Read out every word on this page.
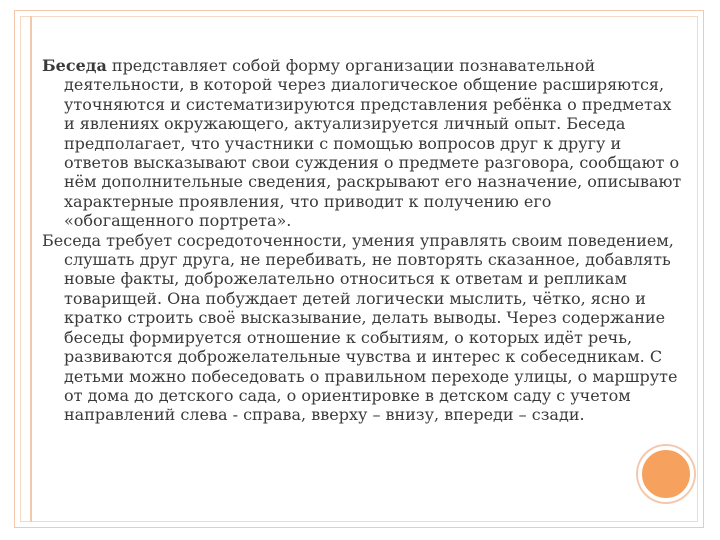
Беседа представляет собой форму организации познавательной деятельности, в которой через диалогическое общение расширяются, уточняются и систематизируются представления ребёнка о предметах и явлениях окружающего, актуализируется личный опыт. Беседа предполагает, что участники с помощью вопросов друг к другу и ответов высказывают свои суждения о предмете разговора, сообщают о нём дополнительные сведения, раскрывают его назначение, описывают характерные проявления, что приводит к получению его «обогащенного портрета».

Беседа требует сосредоточенности, умения управлять своим поведением, слушать друг друга, не перебивать, не повторять сказанное, добавлять новые факты, доброжелательно относиться к ответам и репликам товарищей. Она побуждает детей логически мыслить, чётко, ясно и кратко строить своё высказывание, делать выводы. Через содержание беседы формируется отношение к событиям, о которых идёт речь, развиваются доброжелательные чувства и интерес к собеседникам. С детьми можно побеседовать о правильном переходе улицы, о маршруте от дома до детского сада, о ориентировке в детском саду с учетом направлений слева - справа, вверху – внизу, впереди – сзади.
